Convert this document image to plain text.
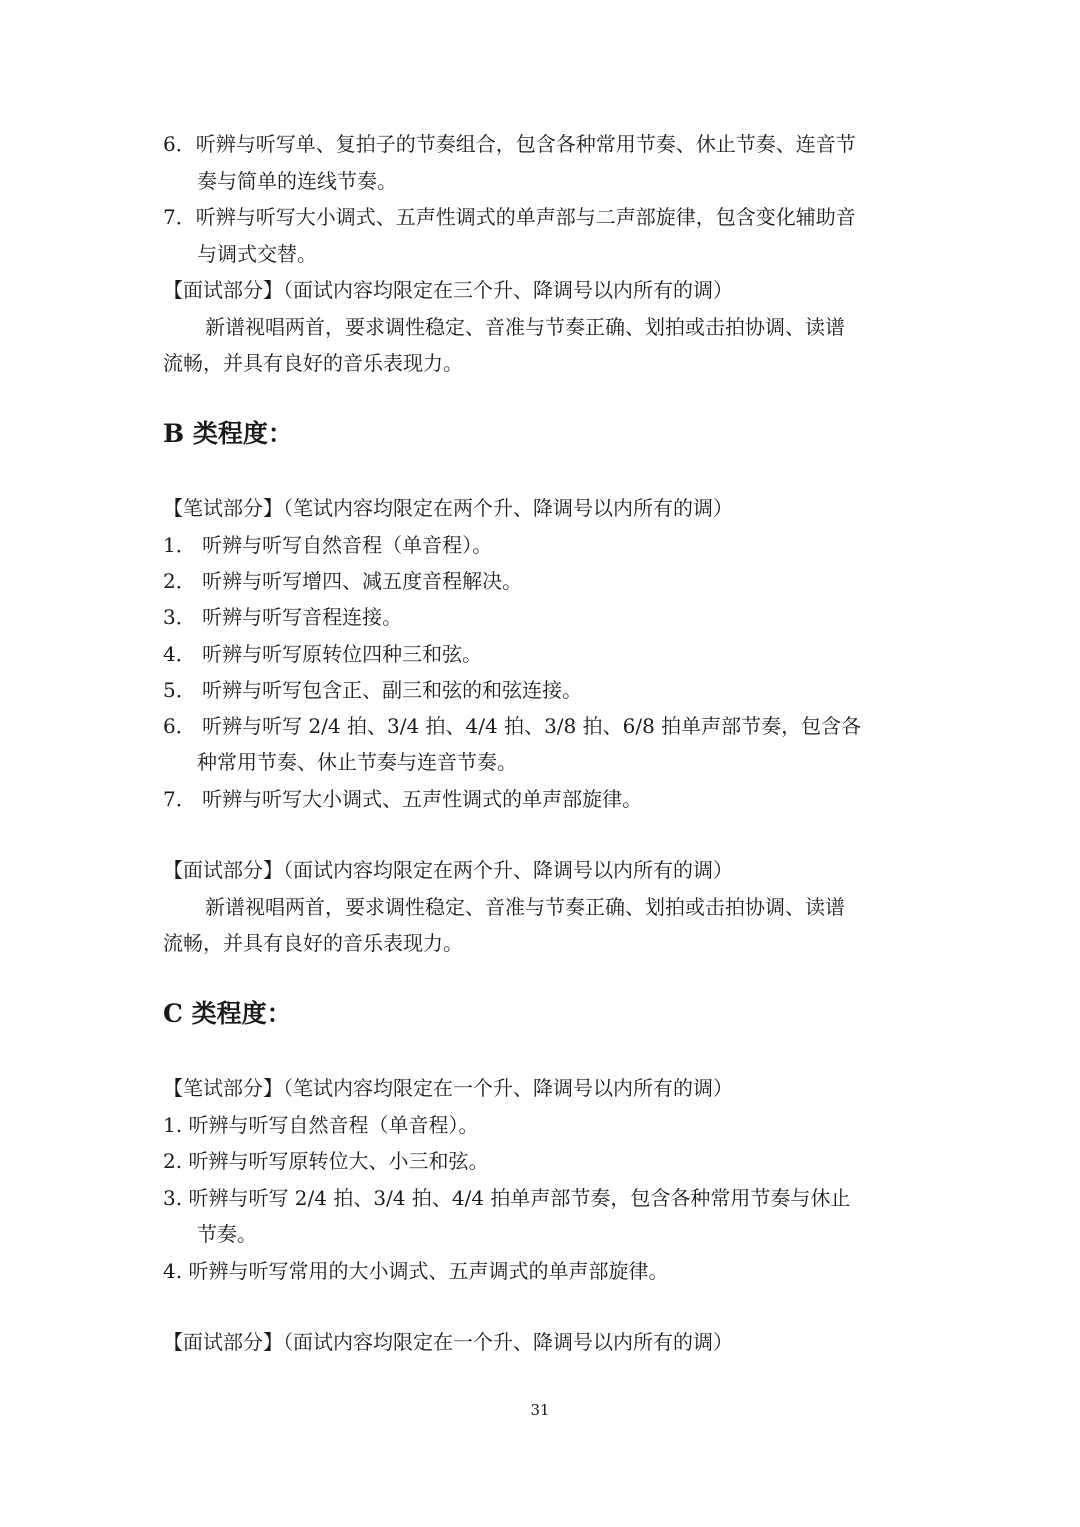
6．听辨与听写单、复拍子的节奏组合，包含各种常用节奏、休止节奏、连音节
奏与简单的连线节奏。
7．听辨与听写大小调式、五声性调式的单声部与二声部旋律，包含变化辅助音
与调式交替。
【面试部分】（面试内容均限定在三个升、降调号以内所有的调）
新谱视唱两首，要求调性稳定、音准与节奏正确、划拍或击拍协调、读谱
流畅，并具有良好的音乐表现力。
B 类程度：
【笔试部分】（笔试内容均限定在两个升、降调号以内所有的调）
1． 听辨与听写自然音程（单音程）。
2． 听辨与听写增四、减五度音程解决。
3． 听辨与听写音程连接。
4． 听辨与听写原转位四种三和弦。
5． 听辨与听写包含正、副三和弦的和弦连接。
6． 听辨与听写 2/4 拍、3/4 拍、4/4 拍、3/8 拍、6/8 拍单声部节奏，包含各
种常用节奏、休止节奏与连音节奏。
7． 听辨与听写大小调式、五声性调式的单声部旋律。
【面试部分】（面试内容均限定在两个升、降调号以内所有的调）
新谱视唱两首，要求调性稳定、音准与节奏正确、划拍或击拍协调、读谱
流畅，并具有良好的音乐表现力。
C 类程度：
【笔试部分】（笔试内容均限定在一个升、降调号以内所有的调）
1. 听辨与听写自然音程（单音程）。
2. 听辨与听写原转位大、小三和弦。
3. 听辨与听写 2/4 拍、3/4 拍、4/4 拍单声部节奏，包含各种常用节奏与休止
节奏。
4. 听辨与听写常用的大小调式、五声调式的单声部旋律。
【面试部分】（面试内容均限定在一个升、降调号以内所有的调）
31
